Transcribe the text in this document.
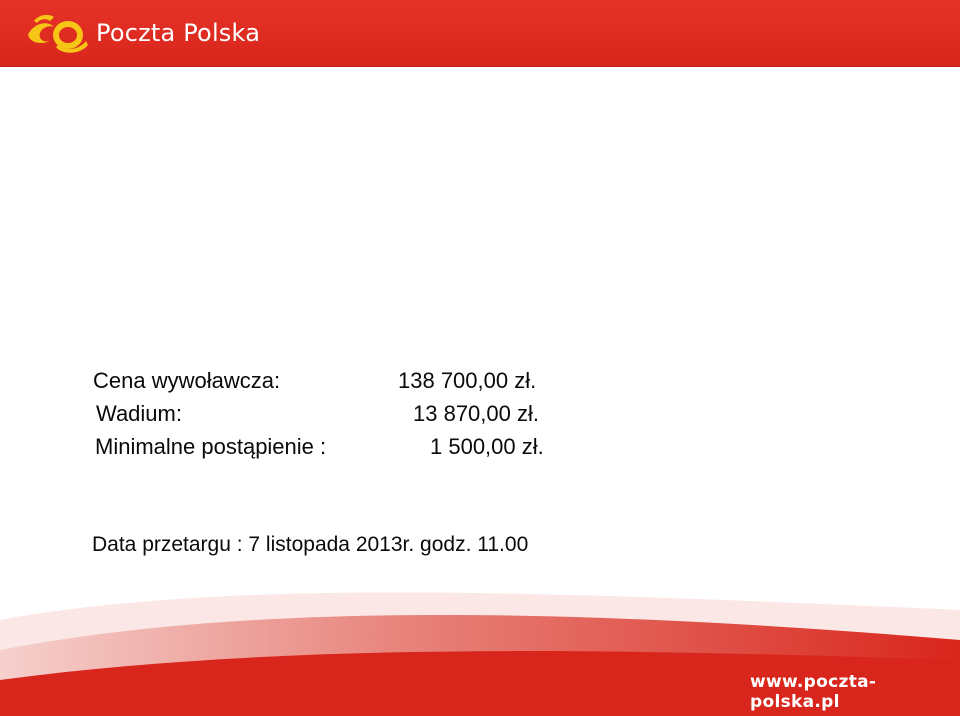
Poczta Polska
Cena wywoławcza:	138 700,00 zł.
Wadium:	13 870,00 zł.
Minimalne postąpienie :	1 500,00 zł.
Data przetargu : 7 listopada 2013r. godz. 11.00
www.poczta-polska.pl
